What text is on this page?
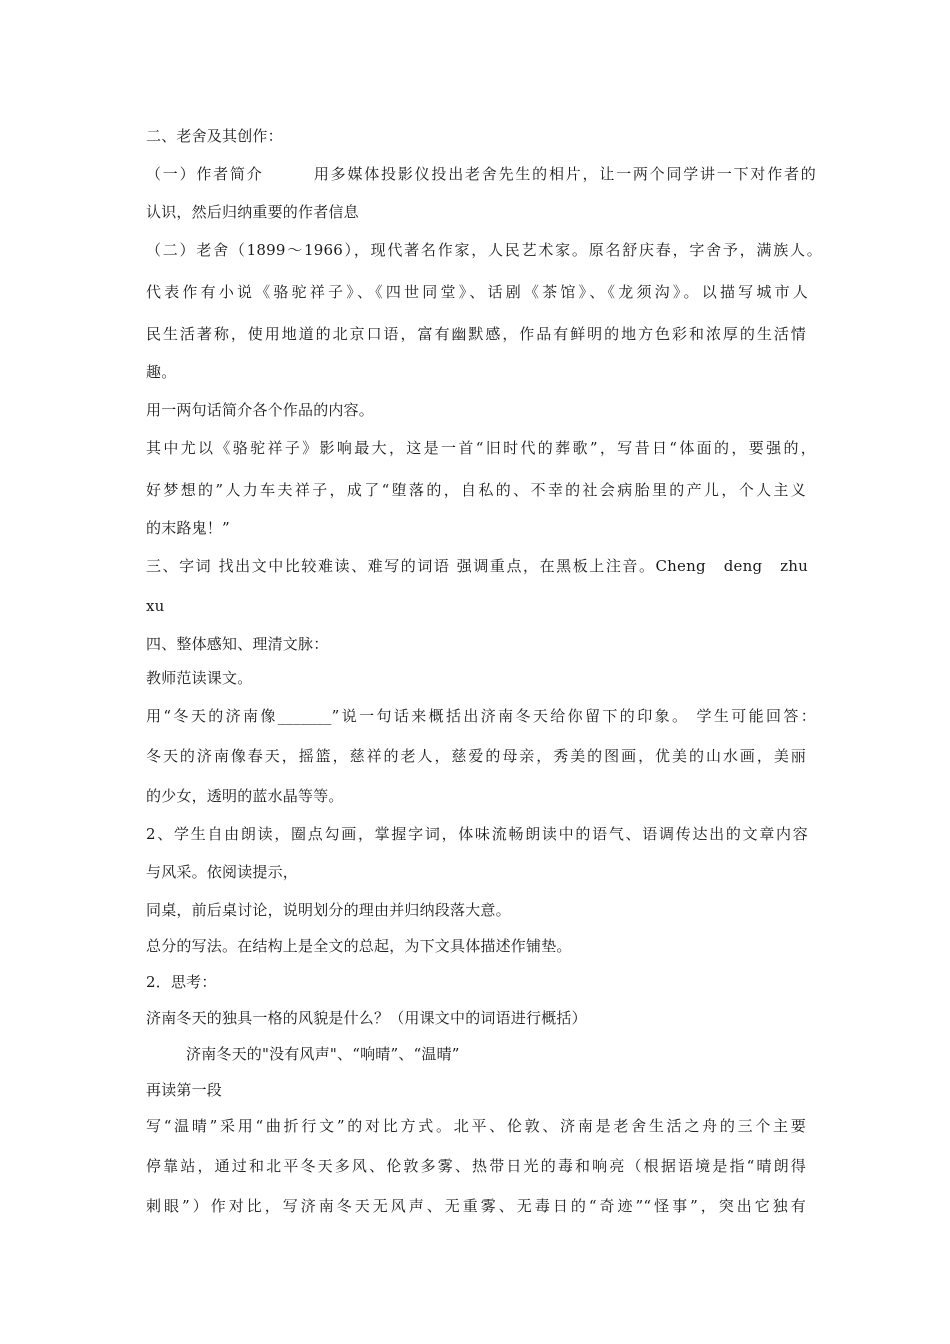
二、老舍及其创作：
（一）作者简介　　　用多媒体投影仪投出老舍先生的相片，让一两个同学讲一下对作者的
认识，然后归纳重要的作者信息
（二）老舍（1899～1966），现代著名作家，人民艺术家。原名舒庆春，字舍予，满族人。
代表作有小说《骆驼祥子》、《四世同堂》、话剧《茶馆》、《龙须沟》。以描写城市人
民生活著称，使用地道的北京口语，富有幽默感，作品有鲜明的地方色彩和浓厚的生活情
趣。
用一两句话简介各个作品的内容。
其中尤以《骆驼祥子》影响最大，这是一首“旧时代的葬歌”，写昔日“体面的，要强的，
好梦想的”人力车夫祥子，成了“堕落的，自私的、不幸的社会病胎里的产儿，个人主义
的末路鬼！”
三、字词 找出文中比较难读、难写的词语 强调重点，在黑板上注音。Cheng　deng　zhu
xu
四、整体感知、理清文脉：
教师范读课文。
用“冬天的济南像_______”说一句话来概括出济南冬天给你留下的印象。 学生可能回答：
冬天的济南像春天，摇篮，慈祥的老人，慈爱的母亲，秀美的图画，优美的山水画，美丽
的少女，透明的蓝水晶等等。
2、学生自由朗读，圈点勾画，掌握字词，体味流畅朗读中的语气、语调传达出的文章内容
与风采。依阅读提示，
同桌，前后桌讨论，说明划分的理由并归纳段落大意。
总分的写法。在结构上是全文的总起，为下文具体描述作铺垫。
2．思考：
济南冬天的独具一格的风貌是什么？（用课文中的词语进行概括）
济南冬天的"没有风声"、“响晴”、“温晴”
再读第一段
写“温晴”采用“曲折行文”的对比方式。北平、伦敦、济南是老舍生活之舟的三个主要
停靠站，通过和北平冬天多风、伦敦多雾、热带日光的毒和响亮（根据语境是指“晴朗得
刺眼”）作对比，写济南冬天无风声、无重雾、无毒日的“奇迹”“怪事”，突出它独有
